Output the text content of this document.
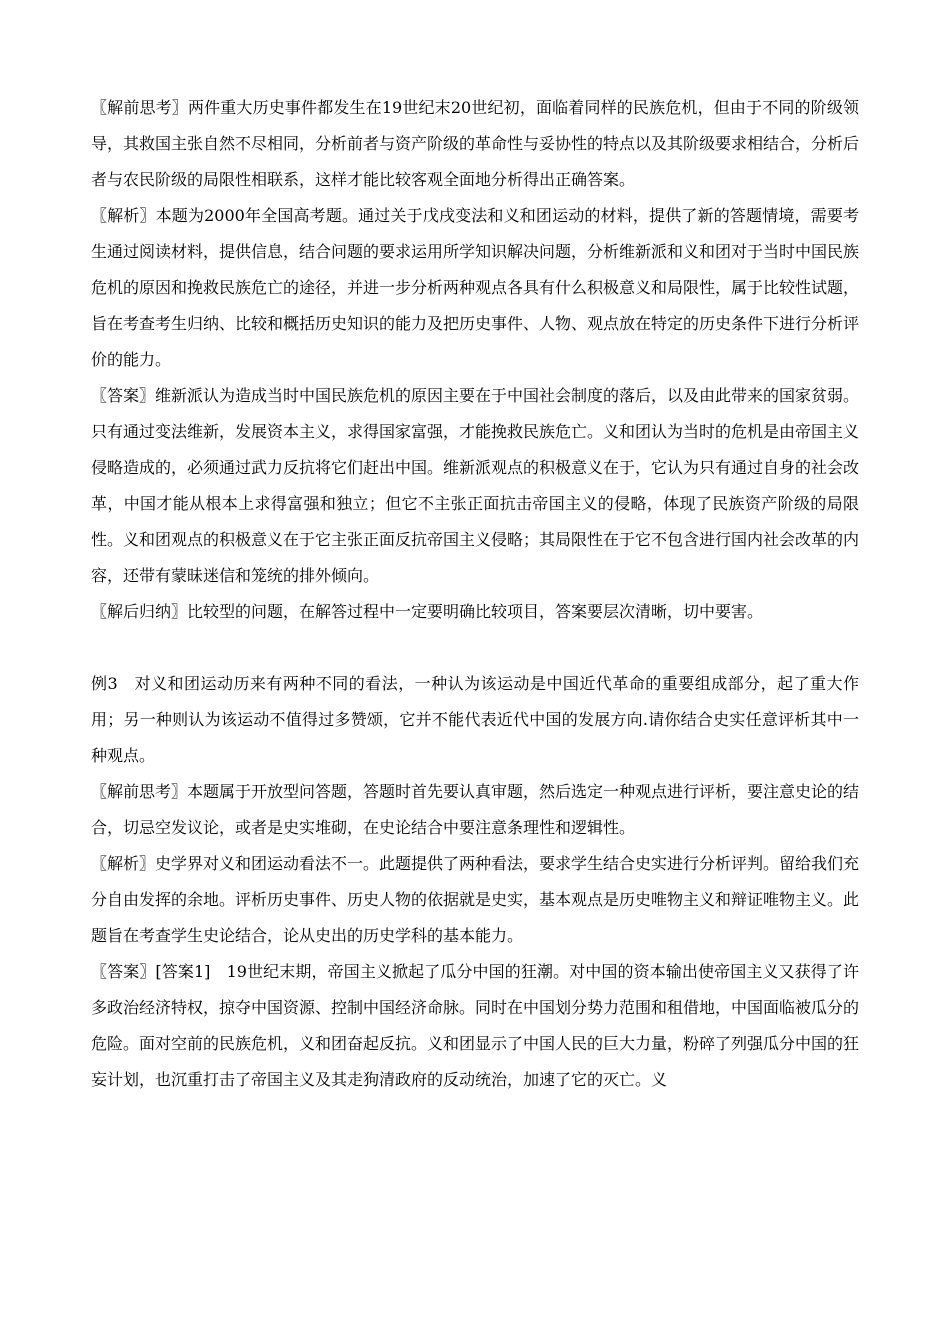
〖解前思考〗两件重大历史事件都发生在19世纪末20世纪初，面临着同样的民族危机，但由于不同的阶级领导，其救国主张自然不尽相同，分析前者与资产阶级的革命性与妥协性的特点以及其阶级要求相结合，分析后者与农民阶级的局限性相联系，这样才能比较客观全面地分析得出正确答案。

〖解析〗本题为2000年全国高考题。通过关于戊戌变法和义和团运动的材料，提供了新的答题情境，需要考生通过阅读材料，提供信息，结合问题的要求运用所学知识解决问题，分析维新派和义和团对于当时中国民族危机的原因和挽救民族危亡的途径，并进一步分析两种观点各具有什么积极意义和局限性，属于比较性试题，旨在考查考生归纳、比较和概括历史知识的能力及把历史事件、人物、观点放在特定的历史条件下进行分析评价的能力。

〖答案〗维新派认为造成当时中国民族危机的原因主要在于中国社会制度的落后，以及由此带来的国家贫弱。只有通过变法维新，发展资本主义，求得国家富强，才能挽救民族危亡。义和团认为当时的危机是由帝国主义侵略造成的，必须通过武力反抗将它们赶出中国。维新派观点的积极意义在于，它认为只有通过自身的社会改革，中国才能从根本上求得富强和独立；但它不主张正面抗击帝国主义的侵略，体现了民族资产阶级的局限性。义和团观点的积极意义在于它主张正面反抗帝国主义侵略；其局限性在于它不包含进行国内社会改革的内容，还带有蒙昧迷信和笼统的排外倾向。

〖解后归纳〗比较型的问题，在解答过程中一定要明确比较项目，答案要层次清晰，切中要害。

例3　对义和团运动历来有两种不同的看法，一种认为该运动是中国近代革命的重要组成部分，起了重大作用；另一种则认为该运动不值得过多赞颂，它并不能代表近代中国的发展方向.请你结合史实任意评析其中一种观点。

〖解前思考〗本题属于开放型问答题，答题时首先要认真审题，然后选定一种观点进行评析，要注意史论的结合，切忌空发议论，或者是史实堆砌，在史论结合中要注意条理性和逻辑性。

〖解析〗史学界对义和团运动看法不一。此题提供了两种看法，要求学生结合史实进行分析评判。留给我们充分自由发挥的余地。评析历史事件、历史人物的依据就是史实，基本观点是历史唯物主义和辩证唯物主义。此题旨在考查学生史论结合，论从史出的历史学科的基本能力。

〖答案〗[答案1]　19世纪末期，帝国主义掀起了瓜分中国的狂潮。对中国的资本输出使帝国主义又获得了许多政治经济特权，掠夺中国资源、控制中国经济命脉。同时在中国划分势力范围和租借地，中国面临被瓜分的危险。面对空前的民族危机，义和团奋起反抗。义和团显示了中国人民的巨大力量，粉碎了列强瓜分中国的狂妄计划，也沉重打击了帝国主义及其走狗清政府的反动统治，加速了它的灭亡。义
